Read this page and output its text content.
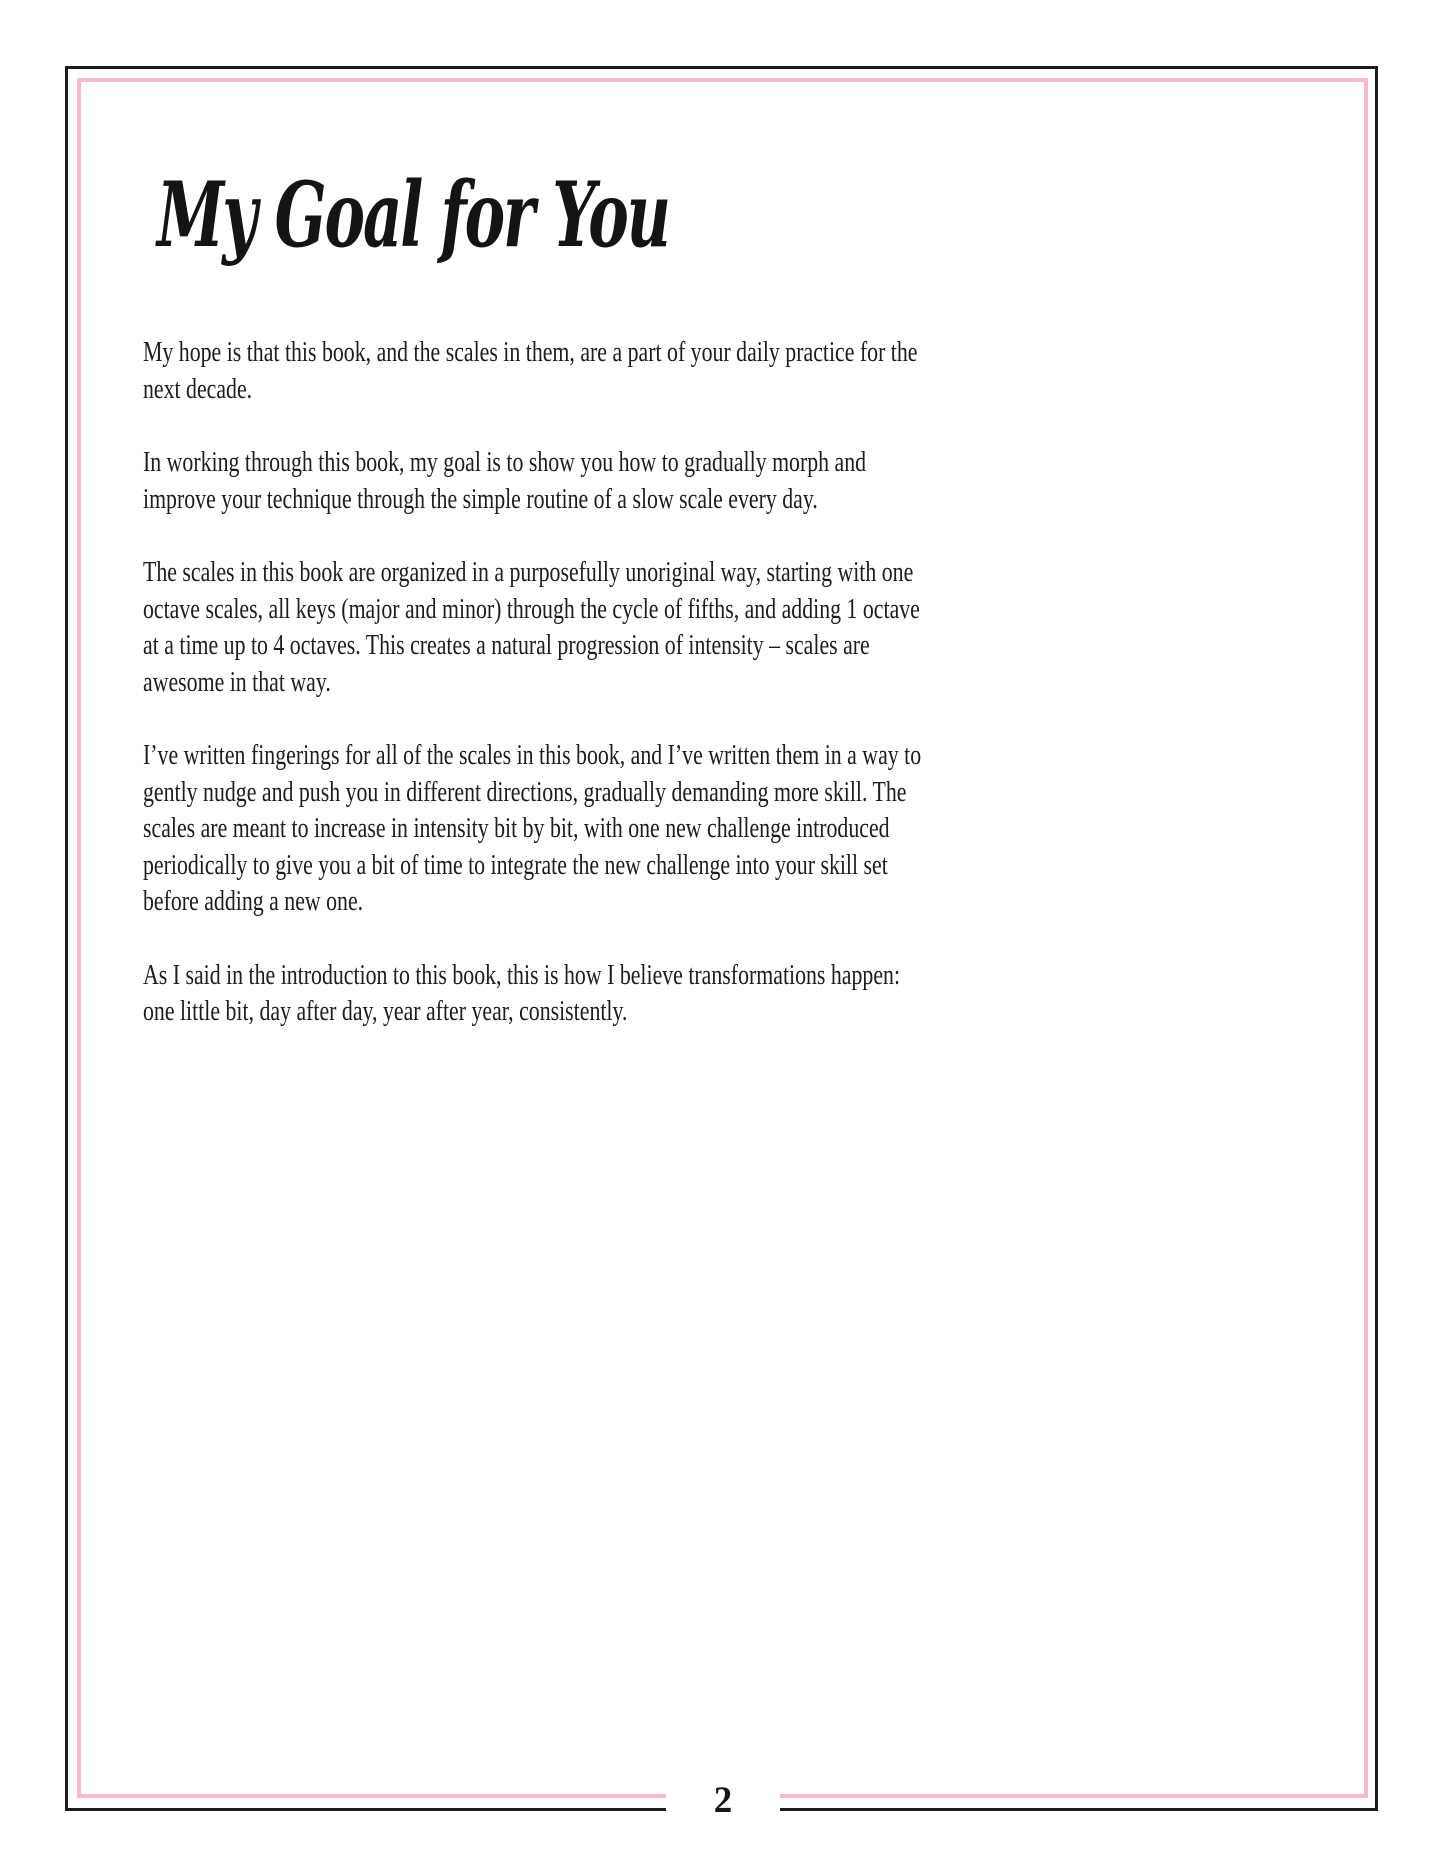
My Goal for You
My hope is that this book, and the scales in them, are a part of your daily practice for the
next decade.
In working through this book, my goal is to show you how to gradually morph and
improve your technique through the simple routine of a slow scale every day.
The scales in this book are organized in a purposefully unoriginal way, starting with one
octave scales, all keys (major and minor) through the cycle of fifths, and adding 1 octave
at a time up to 4 octaves. This creates a natural progression of intensity – scales are
awesome in that way.
I’ve written fingerings for all of the scales in this book, and I’ve written them in a way to
gently nudge and push you in different directions, gradually demanding more skill. The
scales are meant to increase in intensity bit by bit, with one new challenge introduced
periodically to give you a bit of time to integrate the new challenge into your skill set
before adding a new one.
As I said in the introduction to this book, this is how I believe transformations happen:
one little bit, day after day, year after year, consistently.
2
